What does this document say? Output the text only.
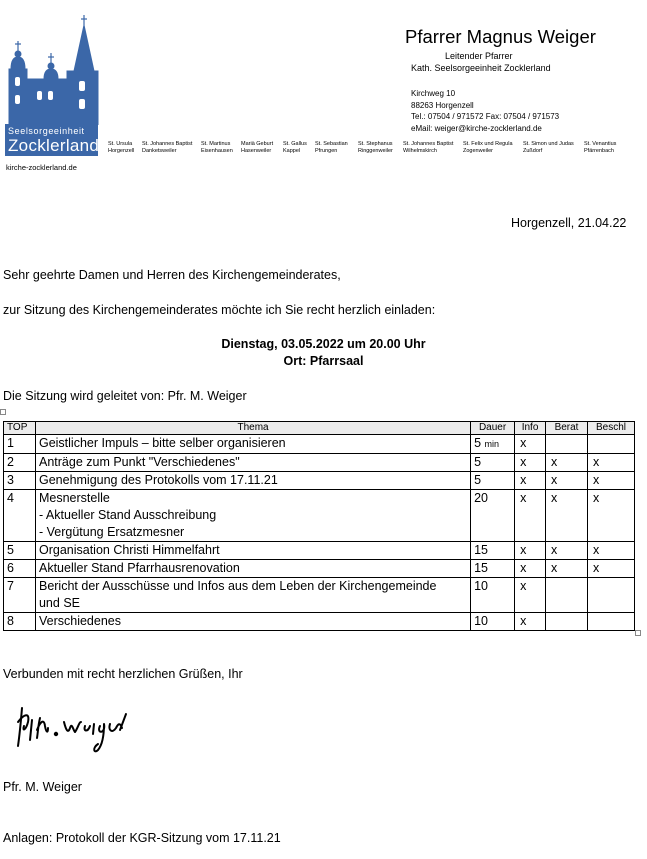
Seelsorgeeinheit
Zocklerland St. Ursula
Horgenzell
St. Johannes Baptist
Danketsweiler
St. Martinus
Eisenhausen
Mariä Geburt
Hasenweiler
St. Gallus
Kappel
St. Sebastian
Pfrungen
St. Stephanus
Ringgenweiler
St. Johannes Baptist
Wilhelmskirch
St. Felix und Regula
Zogenweiler
St. Simon und Judas
Zußdorf
St. Venantius
Pfärrenbach
kirche-zocklerland.de
Pfarrer Magnus Weiger
Leitender Pfarrer
Kath. Seelsorgeeinheit Zocklerland
Kirchweg 10
88263 Horgenzell
Tel.: 07504 / 971572 Fax: 07504 / 971573
eMail: weiger@kirche-zocklerland.de
Horgenzell, 21.04.22
Sehr geehrte Damen und Herren des Kirchengemeinderates,
zur Sitzung des Kirchengemeinderates möchte ich Sie recht herzlich einladen:
Dienstag, 03.05.2022 um 20.00 Uhr
Ort: Pfarrsaal
Die Sitzung wird geleitet von: Pfr. M. Weiger
TOP	Thema	Dauer	Info	Berat	Beschl
1	Geistlicher Impuls – bitte selber organisieren	5 min	x		
2	Anträge zum Punkt "Verschiedenes"	5	x	x	x
3	Genehmigung des Protokolls vom 17.11.21	5	x	x	x
4	Mesnerstelle
- Aktueller Stand Ausschreibung
- Vergütung Ersatzmesner	20	x	x	x
5	Organisation Christi Himmelfahrt	15	x	x	x
6	Aktueller Stand Pfarrhausrenovation	15	x	x	x
7	Bericht der Ausschüsse und Infos aus dem Leben der Kirchengemeinde
und SE	10	x		
8	Verschiedenes	10	x		
Verbunden mit recht herzlichen Grüßen, Ihr
Pfr. M. Weiger
Anlagen: Protokoll der KGR-Sitzung vom 17.11.21
